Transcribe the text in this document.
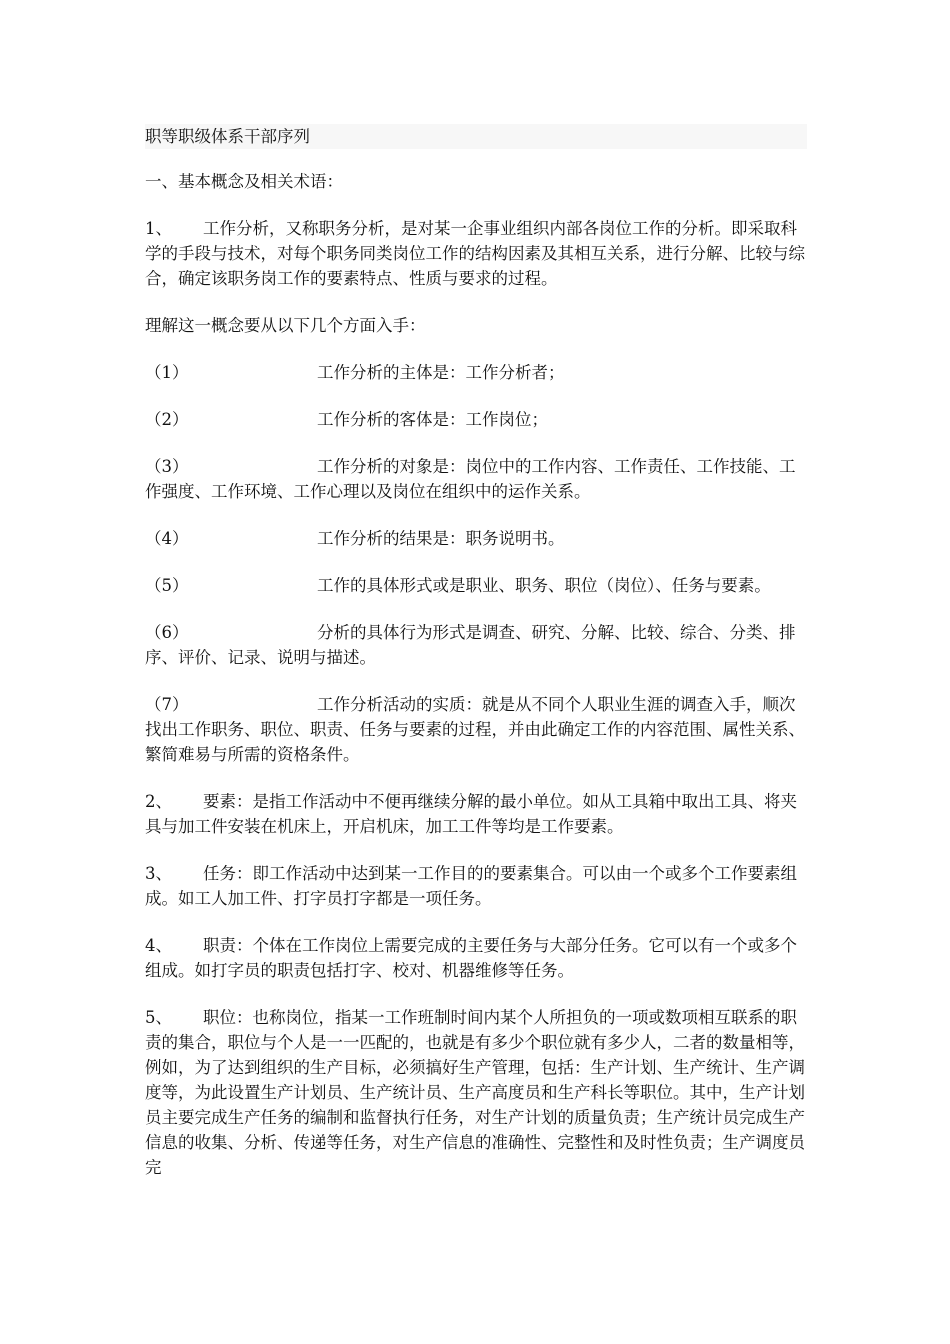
职等职级体系干部序列

一、基本概念及相关术语：

1、 工作分析，又称职务分析，是对某一企事业组织内部各岗位工作的分析。即采取科学的手段与技术，对每个职务同类岗位工作的结构因素及其相互关系，进行分解、比较与综合，确定该职务岗工作的要素特点、性质与要求的过程。

理解这一概念要从以下几个方面入手：

（1）	工作分析的主体是：工作分析者；

（2）	工作分析的客体是：工作岗位；

（3）	工作分析的对象是：岗位中的工作内容、工作责任、工作技能、工作强度、工作环境、工作心理以及岗位在组织中的运作关系。

（4）	工作分析的结果是：职务说明书。

（5）	工作的具体形式或是职业、职务、职位（岗位）、任务与要素。

（6）	分析的具体行为形式是调查、研究、分解、比较、综合、分类、排序、评价、记录、说明与描述。

（7）	工作分析活动的实质：就是从不同个人职业生涯的调查入手，顺次找出工作职务、职位、职责、任务与要素的过程，并由此确定工作的内容范围、属性关系、繁简难易与所需的资格条件。

2、 要素：是指工作活动中不便再继续分解的最小单位。如从工具箱中取出工具、将夹具与加工件安装在机床上，开启机床，加工工件等均是工作要素。

3、 任务：即工作活动中达到某一工作目的的要素集合。可以由一个或多个工作要素组成。如工人加工件、打字员打字都是一项任务。

4、 职责：个体在工作岗位上需要完成的主要任务与大部分任务。它可以有一个或多个组成。如打字员的职责包括打字、校对、机器维修等任务。

5、 职位：也称岗位，指某一工作班制时间内某个人所担负的一项或数项相互联系的职责的集合，职位与个人是一一匹配的，也就是有多少个职位就有多少人，二者的数量相等，例如，为了达到组织的生产目标，必须搞好生产管理，包括：生产计划、生产统计、生产调度等，为此设置生产计划员、生产统计员、生产高度员和生产科长等职位。其中，生产计划员主要完成生产任务的编制和监督执行任务，对生产计划的质量负责；生产统计员完成生产信息的收集、分析、传递等任务，对生产信息的准确性、完整性和及时性负责；生产调度员完
